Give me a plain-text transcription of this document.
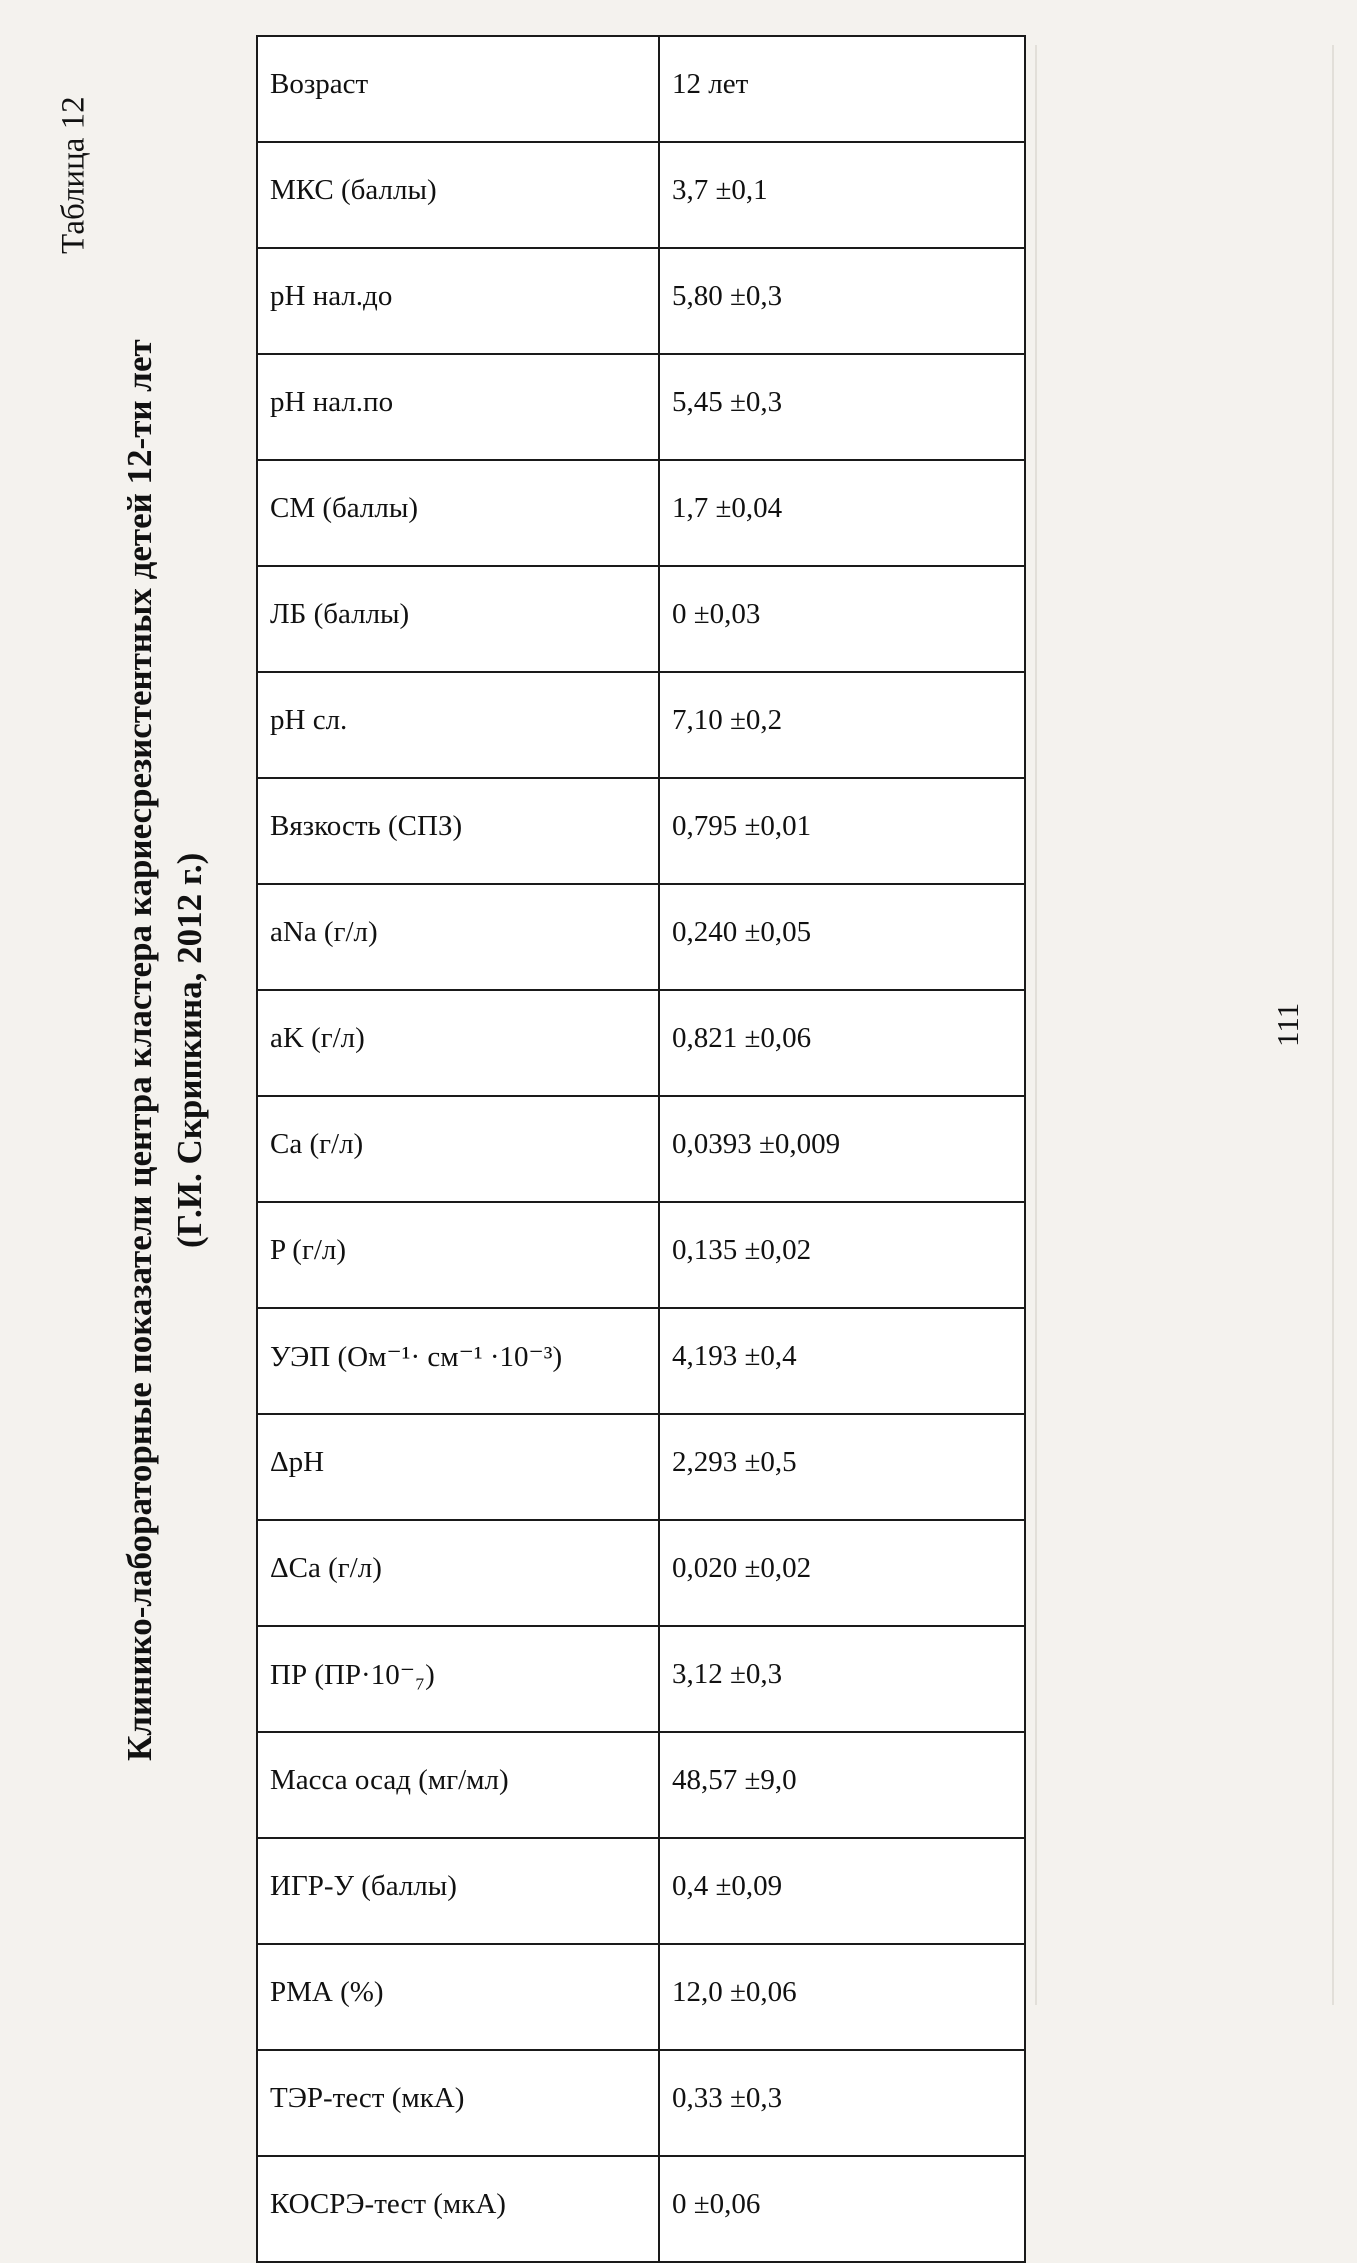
Таблица 12
Клинико-лабораторные показатели центра кластера кариесрезистентных детей 12-ти лет (Г.И. Скрипкина, 2012 г.)
Возраст	12 лет
МКС (баллы)	3,7 ±0,1
рН нал.до	5,80 ±0,3
рН нал.по	5,45 ±0,3
СМ (баллы)	1,7 ±0,04
ЛБ (баллы)	0 ±0,03
рН сл.	7,10 ±0,2
Вязкость (СПЗ)	0,795 ±0,01
aNa (г/л)	0,240 ±0,05
aK (г/л)	0,821 ±0,06
Ca (г/л)	0,0393 ±0,009
P (г/л)	0,135 ±0,02
УЭП (Ом⁻¹· см⁻¹ ·10⁻³)	4,193 ±0,4
ΔpH	2,293 ±0,5
ΔCa (г/л)	0,020 ±0,02
ПР (ПР·10⁻₇)	3,12 ±0,3
Масса осад (мг/мл)	48,57 ±9,0
ИГР-У (баллы)	0,4 ±0,09
РМА (%)	12,0 ±0,06
ТЭР-тест (мкА)	0,33 ±0,3
КОСРЭ-тест (мкА)	0 ±0,06
111
